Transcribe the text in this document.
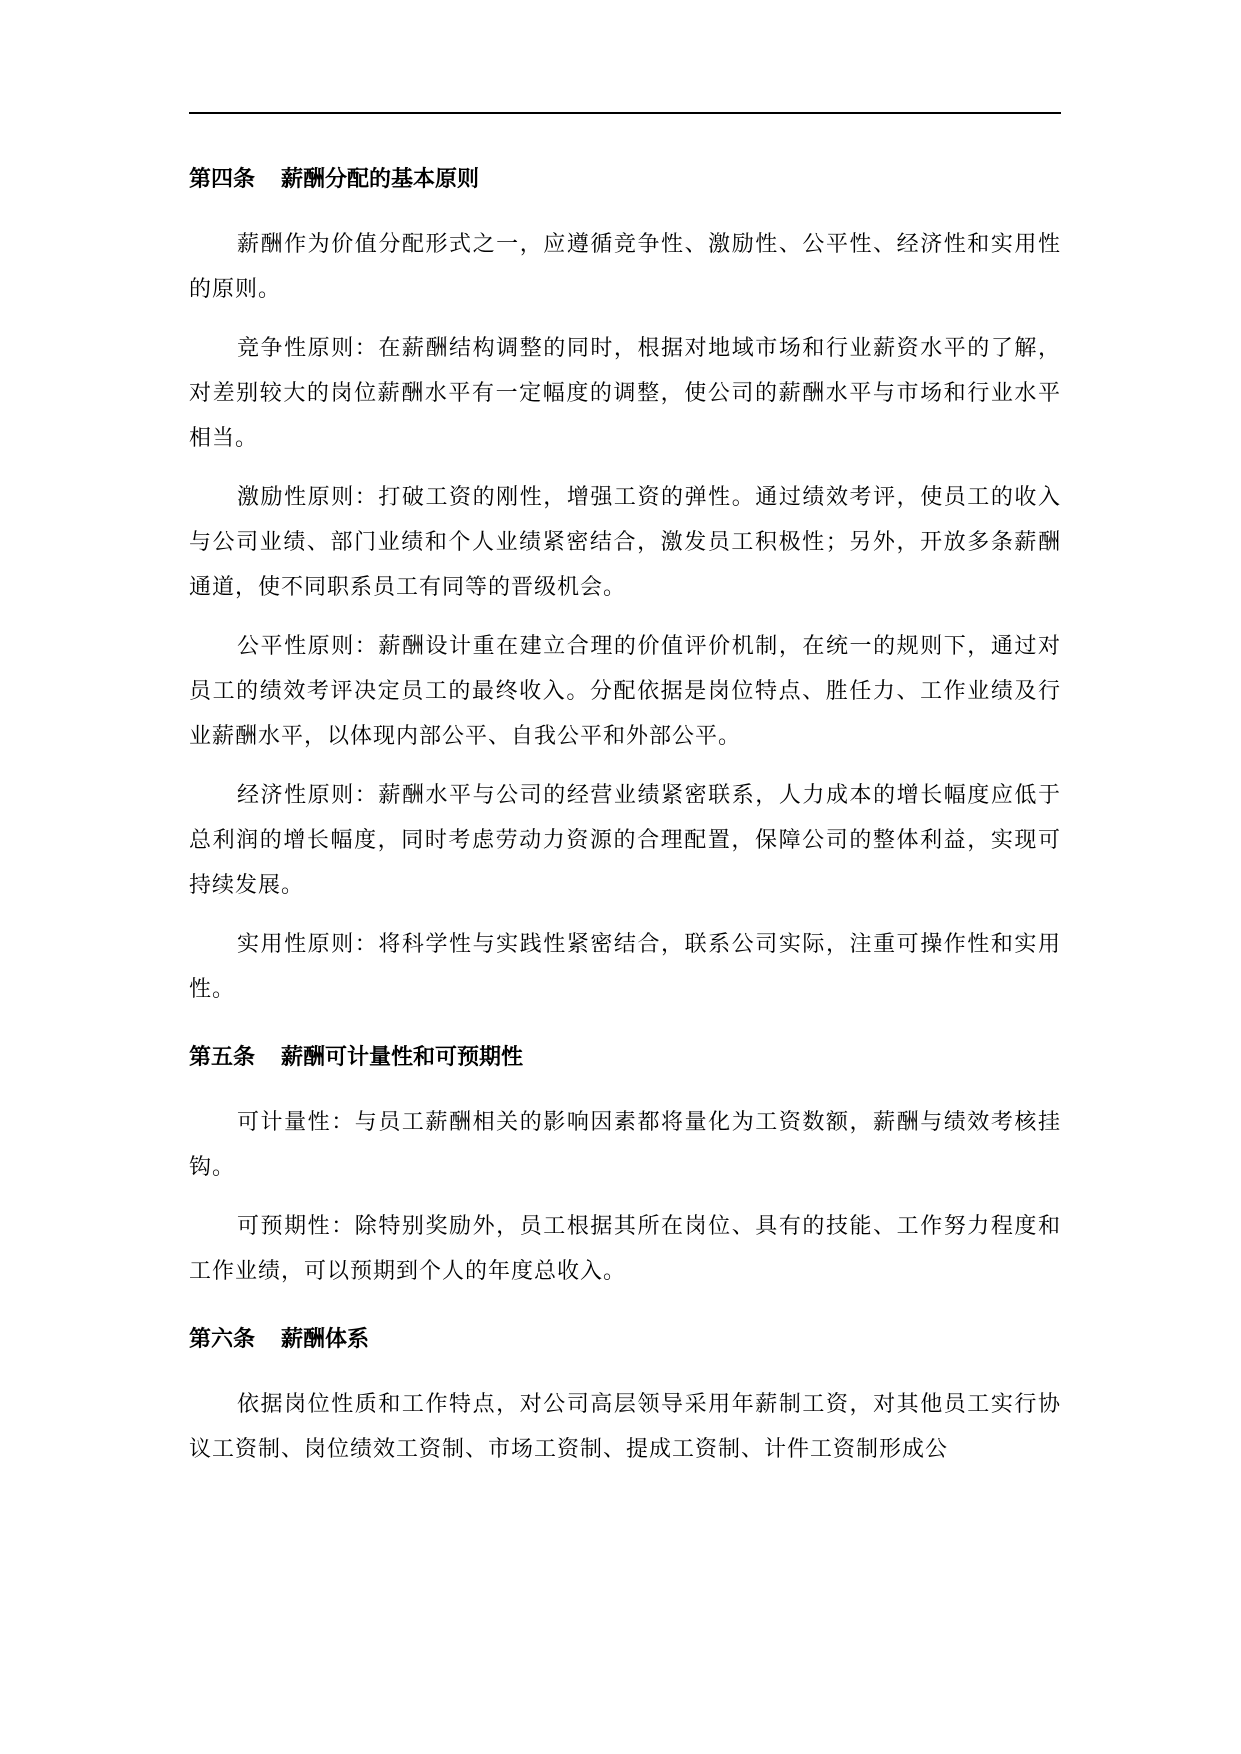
第四条 薪酬分配的基本原则

薪酬作为价值分配形式之一，应遵循竞争性、激励性、公平性、经济性和实用性的原则。

竞争性原则：在薪酬结构调整的同时，根据对地域市场和行业薪资水平的了解，对差别较大的岗位薪酬水平有一定幅度的调整，使公司的薪酬水平与市场和行业水平相当。

激励性原则：打破工资的刚性，增强工资的弹性。通过绩效考评，使员工的收入与公司业绩、部门业绩和个人业绩紧密结合，激发员工积极性；另外，开放多条薪酬通道，使不同职系员工有同等的晋级机会。

公平性原则：薪酬设计重在建立合理的价值评价机制，在统一的规则下，通过对员工的绩效考评决定员工的最终收入。分配依据是岗位特点、胜任力、工作业绩及行业薪酬水平，以体现内部公平、自我公平和外部公平。

经济性原则：薪酬水平与公司的经营业绩紧密联系，人力成本的增长幅度应低于总利润的增长幅度，同时考虑劳动力资源的合理配置，保障公司的整体利益，实现可持续发展。

实用性原则：将科学性与实践性紧密结合，联系公司实际，注重可操作性和实用性。

第五条 薪酬可计量性和可预期性

可计量性：与员工薪酬相关的影响因素都将量化为工资数额，薪酬与绩效考核挂钩。

可预期性：除特别奖励外，员工根据其所在岗位、具有的技能、工作努力程度和工作业绩，可以预期到个人的年度总收入。

第六条 薪酬体系

依据岗位性质和工作特点，对公司高层领导采用年薪制工资，对其他员工实行协议工资制、岗位绩效工资制、市场工资制、提成工资制、计件工资制形成公
